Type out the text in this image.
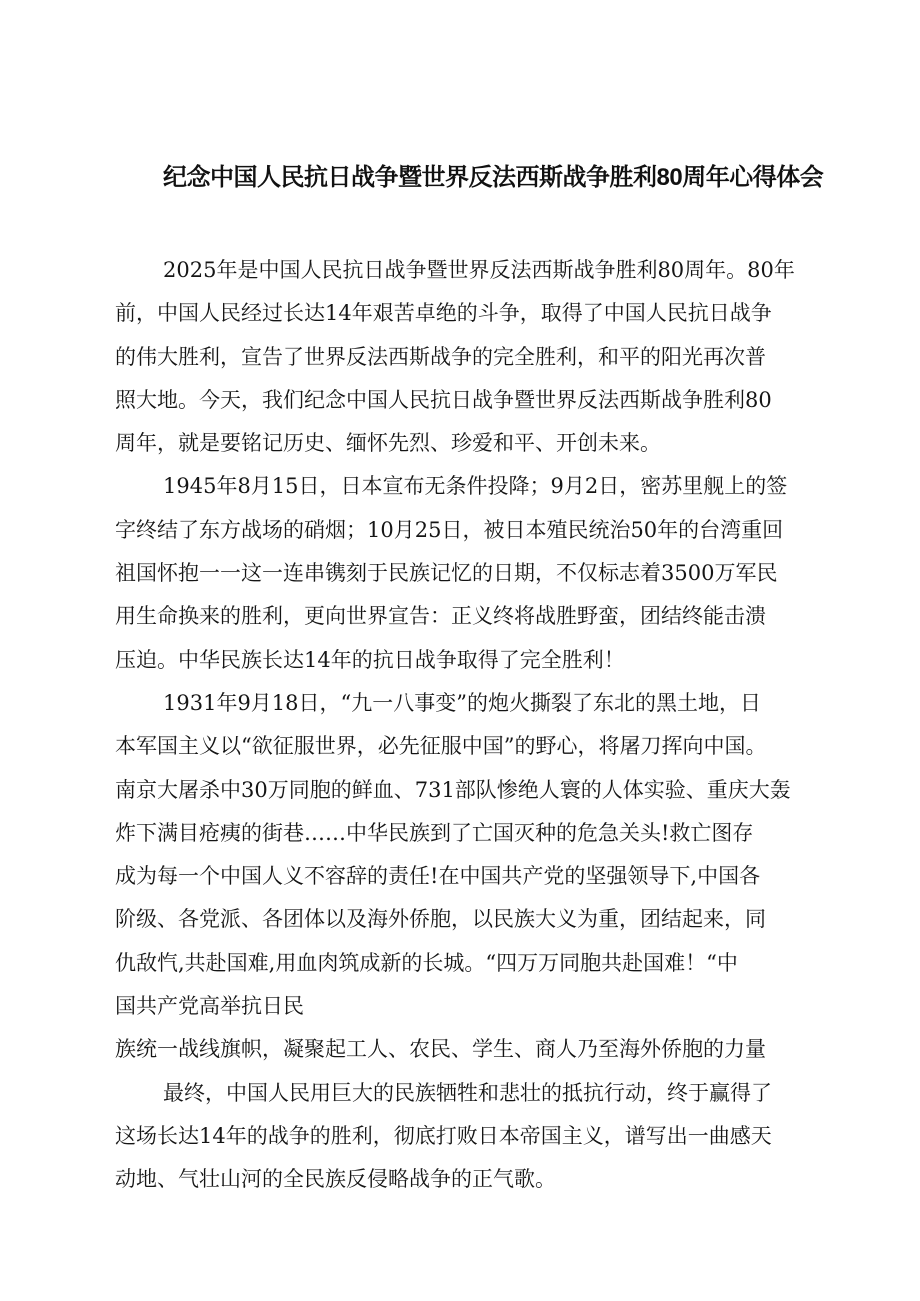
纪念中国人民抗日战争暨世界反法西斯战争胜利80周年心得体会
2025年是中国人民抗日战争暨世界反法西斯战争胜利80周年。80年
前，中国人民经过长达14年艰苦卓绝的斗争，取得了中国人民抗日战争
的伟大胜利，宣告了世界反法西斯战争的完全胜利，和平的阳光再次普
照大地。今天，我们纪念中国人民抗日战争暨世界反法西斯战争胜利80
周年，就是要铭记历史、缅怀先烈、珍爱和平、开创未来。
1945年8月15日，日本宣布无条件投降；9月2日，密苏里舰上的签
字终结了东方战场的硝烟；10月25日，被日本殖民统治50年的台湾重回
祖国怀抱一一这一连串镌刻于民族记忆的日期，不仅标志着3500万军民
用生命换来的胜利，更向世界宣告：正义终将战胜野蛮，团结终能击溃
压迫。中华民族长达14年的抗日战争取得了完全胜利！
1931年9月18日，“九一八事变”的炮火撕裂了东北的黑土地，日
本军国主义以“欲征服世界，必先征服中国”的野心，将屠刀挥向中国。
南京大屠杀中30万同胞的鲜血、731部队惨绝人寰的人体实验、重庆大轰
炸下满目疮痍的街巷……中华民族到了亡国灭种的危急关头!救亡图存
成为每一个中国人义不容辞的责任!在中国共产党的坚强领导下,中国各
阶级、各党派、各团体以及海外侨胞，以民族大义为重，团结起来，同
仇敌忾,共赴国难,用血肉筑成新的长城。“四万万同胞共赴国难！“中
国共产党高举抗日民
族统一战线旗帜，凝聚起工人、农民、学生、商人乃至海外侨胞的力量
最终，中国人民用巨大的民族牺牲和悲壮的抵抗行动，终于赢得了
这场长达14年的战争的胜利，彻底打败日本帝国主义，谱写出一曲感天
动地、气壮山河的全民族反侵略战争的正气歌。
